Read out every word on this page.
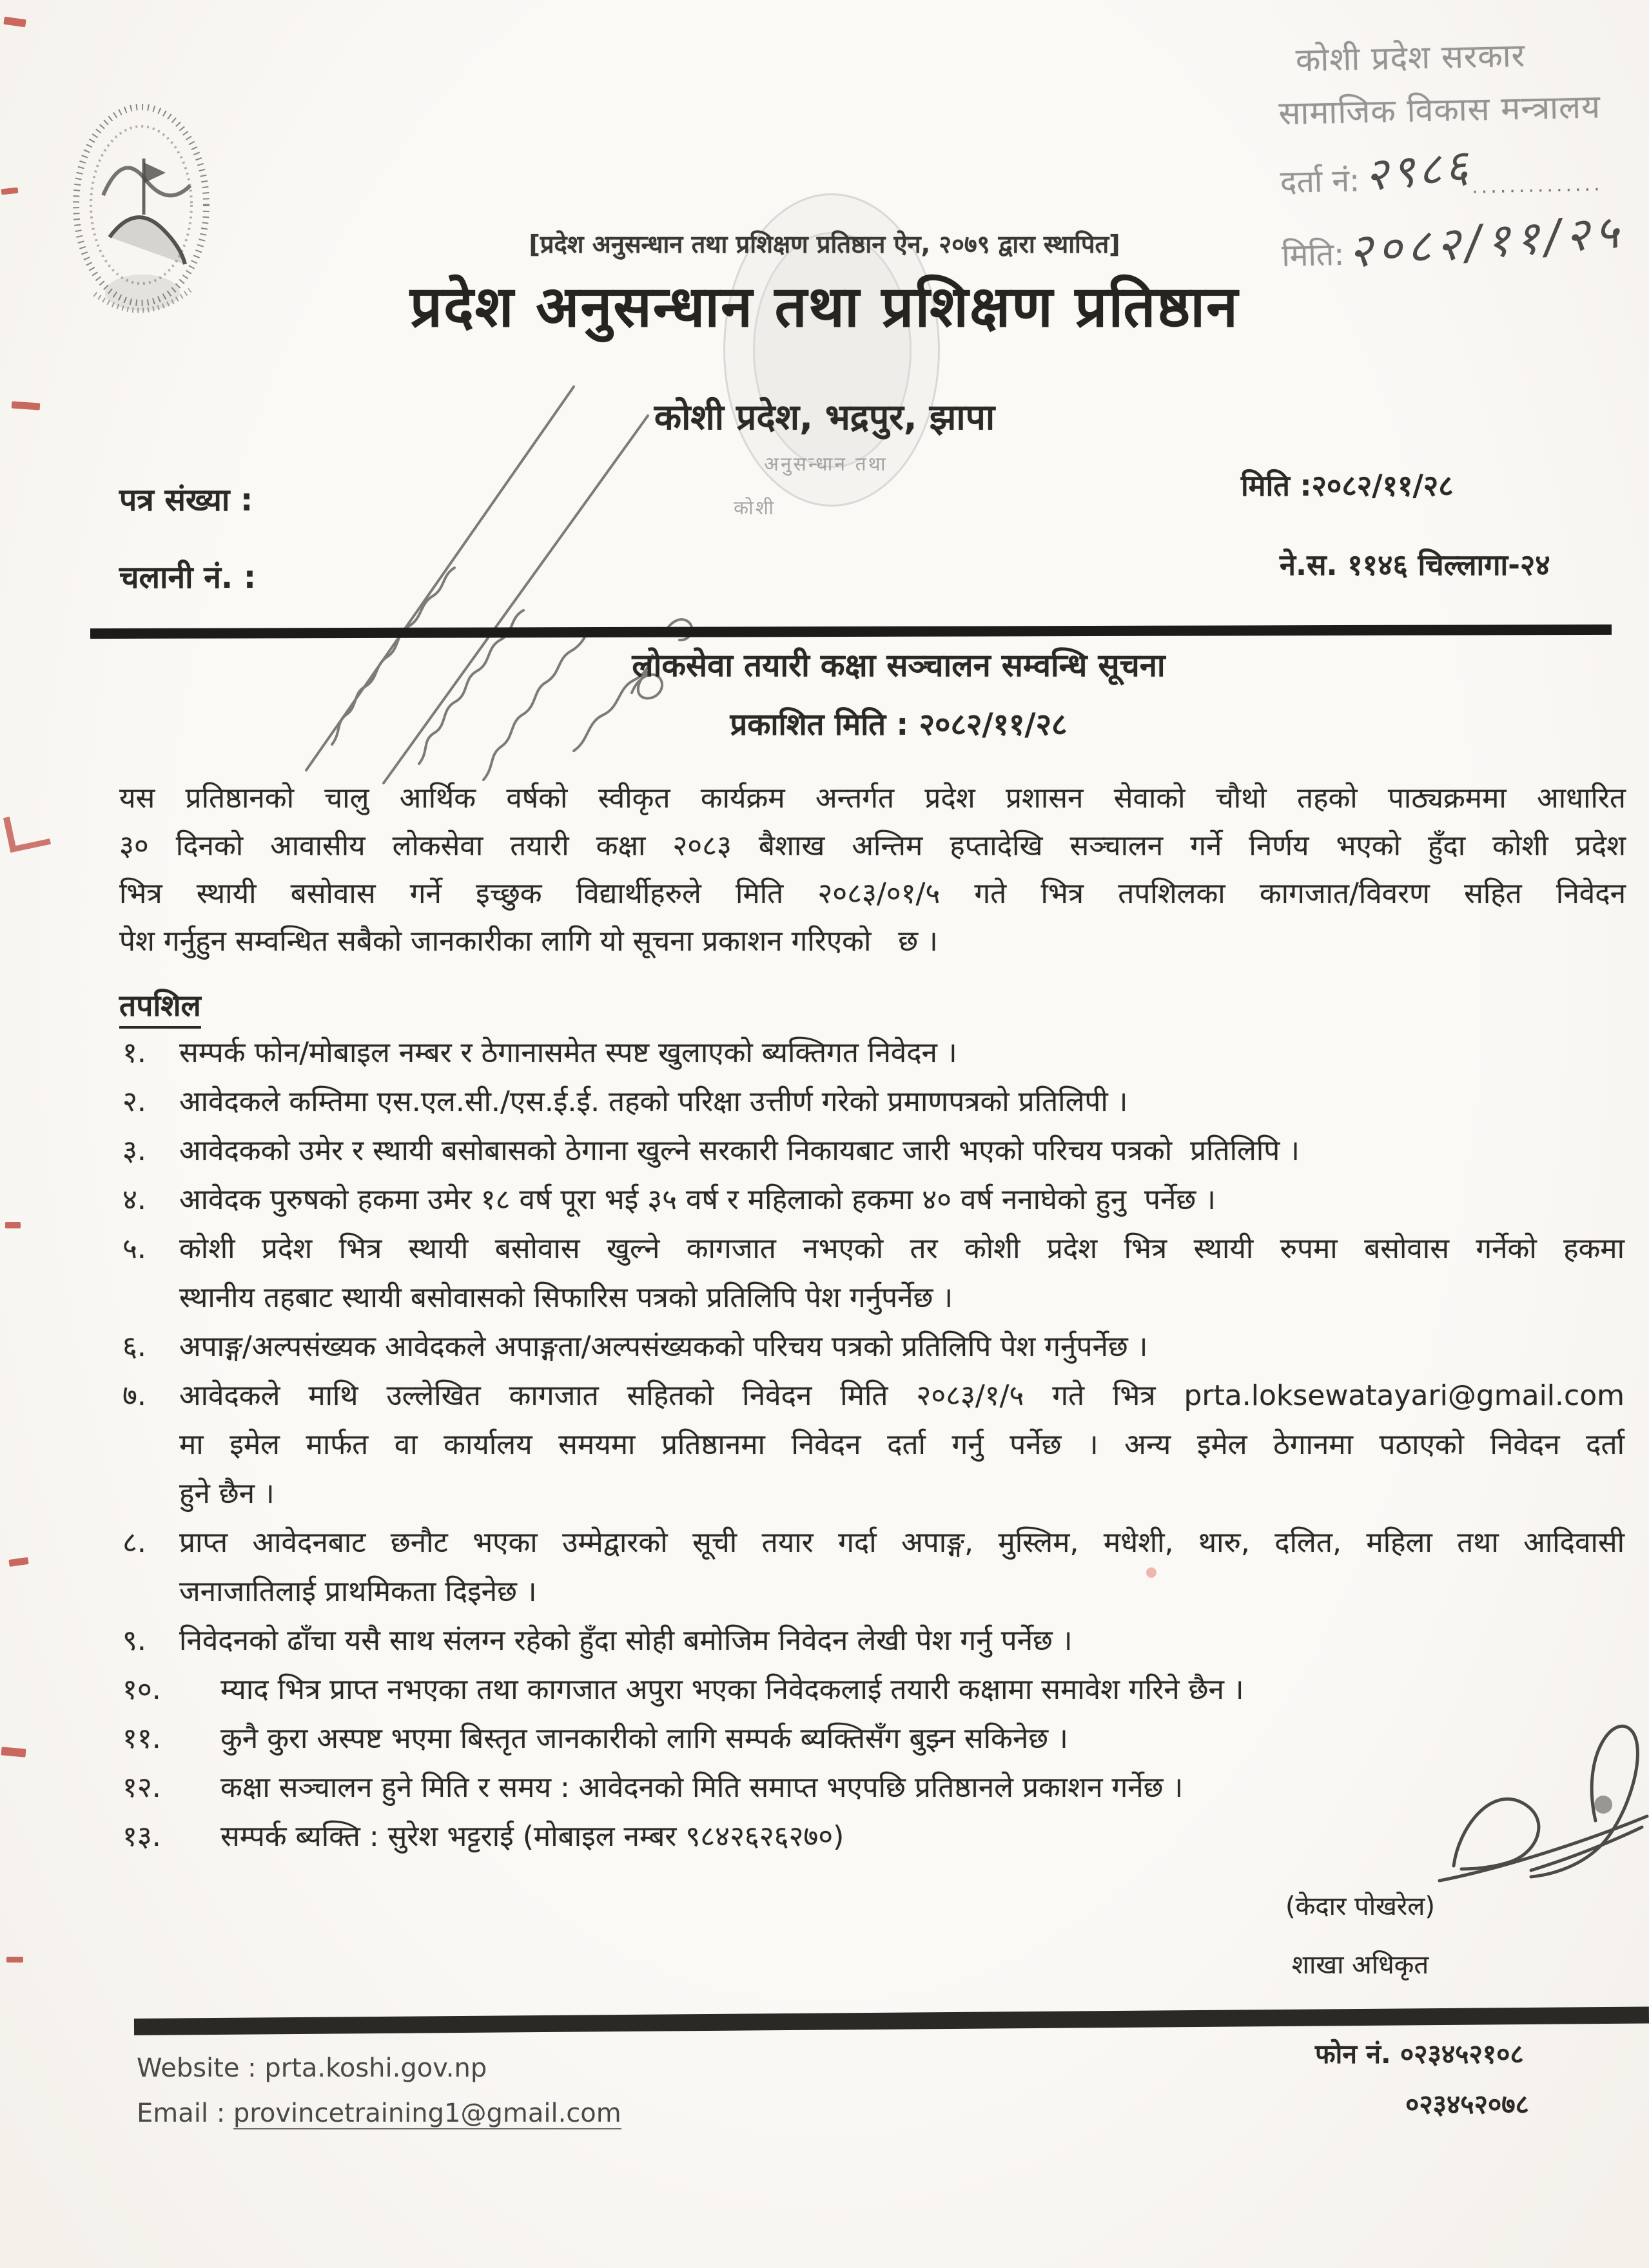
कोशी प्रदेश सरकार
सामाजिक विकास मन्त्रालय
दर्ता नं: २९८६
..............
मिति: २०८२/११/२५
अनुसन्धान तथा
कोशी
[प्रदेश अनुसन्धान तथा प्रशिक्षण प्रतिष्ठान ऐन, २०७९ द्वारा स्थापित]
प्रदेश अनुसन्धान तथा प्रशिक्षण प्रतिष्ठान
कोशी प्रदेश, भद्रपुर, झापा
पत्र संख्या :
चलानी नं. :
मिति :२०८२/११/२८
ने.स. ११४६ चिल्लागा-२४
लोकसेवा तयारी कक्षा सञ्चालन सम्वन्धि सूचना
प्रकाशित मिति : २०८२/११/२८
यस प्रतिष्ठानको चालु आर्थिक वर्षको स्वीकृत कार्यक्रम अन्तर्गत प्रदेश प्रशासन सेवाको चौथो तहको पाठ्यक्रममा आधारित
३० दिनको आवासीय लोकसेवा तयारी कक्षा २०८३ बैशाख अन्तिम हप्तादेखि सञ्चालन गर्ने निर्णय भएको हुँदा कोशी प्रदेश
भित्र स्थायी बसोवास गर्ने इच्छुक विद्यार्थीहरुले मिति २०८३/०१/५ गते भित्र तपशिलका कागजात/विवरण सहित निवेदन
पेश गर्नुहुन सम्वन्धित सबैको जानकारीका लागि यो सूचना प्रकाशन गरिएको   छ ।
तपशिल
१.	सम्पर्क फोन/मोबाइल नम्बर र ठेगानासमेत स्पष्ट खुलाएको ब्यक्तिगत निवेदन ।
२.	आवेदकले कम्तिमा एस.एल.सी./एस.ई.ई. तहको परिक्षा उत्तीर्ण गरेको प्रमाणपत्रको प्रतिलिपी ।
३.	आवेदकको उमेर र स्थायी बसोबासको ठेगाना खुल्ने सरकारी निकायबाट जारी भएको परिचय पत्रको  प्रतिलिपि ।
४.	आवेदक पुरुषको हकमा उमेर १८ वर्ष पूरा भई ३५ वर्ष र महिलाको हकमा ४० वर्ष ननाघेको हुनु  पर्नेछ ।
५.	कोशी प्रदेश भित्र स्थायी बसोवास खुल्ने कागजात नभएको तर कोशी प्रदेश भित्र स्थायी रुपमा बसोवास गर्नेको हकमा
स्थानीय तहबाट स्थायी बसोवासको सिफारिस पत्रको प्रतिलिपि पेश गर्नुपर्नेछ ।
६.	अपाङ्ग/अल्पसंख्यक आवेदकले अपाङ्गता/अल्पसंख्यकको परिचय पत्रको प्रतिलिपि पेश गर्नुपर्नेछ ।
७.	आवेदकले माथि उल्लेखित कागजात सहितको निवेदन मिति २०८३/१/५ गते भित्र prta.loksewatayari@gmail.com
मा इमेल मार्फत वा कार्यालय समयमा प्रतिष्ठानमा निवेदन दर्ता गर्नु पर्नेछ । अन्य इमेल ठेगानमा पठाएको निवेदन दर्ता
हुने छैन ।
८.	प्राप्त आवेदनबाट छनौट भएका उम्मेद्वारको सूची तयार गर्दा अपाङ्ग, मुस्लिम, मधेशी, थारु, दलित, महिला तथा आदिवासी
जनाजातिलाई प्राथमिकता दिइनेछ ।
९.	निवेदनको ढाँचा यसै साथ संलग्न रहेको हुँदा सोही बमोजिम निवेदन लेखी पेश गर्नु पर्नेछ ।
१०.	म्याद भित्र प्राप्त नभएका तथा कागजात अपुरा भएका निवेदकलाई तयारी कक्षामा समावेश गरिने छैन ।
११.	कुनै कुरा अस्पष्ट भएमा बिस्तृत जानकारीको लागि सम्पर्क ब्यक्तिसँग बुझ्न सकिनेछ ।
१२.	कक्षा सञ्चालन हुने मिति र समय : आवेदनको मिति समाप्त भएपछि प्रतिष्ठानले प्रकाशन गर्नेछ ।
१३.	सम्पर्क ब्यक्ति : सुरेश भट्टराई (मोबाइल नम्बर ९८४२६२६२७०)
(केदार पोखरेल)
शाखा अधिकृत
फोन नं. ०२३४५२१०८
Website : prta.koshi.gov.np
०२३४५२०७८
Email : provincetraining1@gmail.com
